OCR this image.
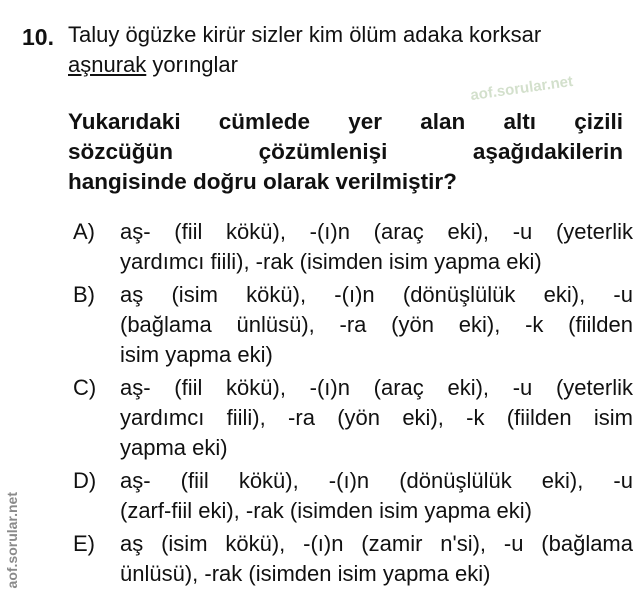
aof.sorular.net
aof.sorular.net
10. Taluy ögüzke kirür sizler kim ölüm adaka korksar
aşnurak yorınglar
Yukarıdaki cümlede yer alan altı çizili
sözcüğün çözümlenişi aşağıdakilerin
hangisinde doğru olarak verilmiştir?
A) aş- (fiil kökü), -(ı)n (araç eki), -u (yeterlik
yardımcı fiili), -rak (isimden isim yapma eki)
B) aş (isim kökü), -(ı)n (dönüşlülük eki), -u
(bağlama ünlüsü), -ra (yön eki), -k (fiilden
isim yapma eki)
C) aş- (fiil kökü), -(ı)n (araç eki), -u (yeterlik
yardımcı fiili), -ra (yön eki), -k (fiilden isim
yapma eki)
D) aş- (fiil kökü), -(ı)n (dönüşlülük eki), -u
(zarf-fiil eki), -rak (isimden isim yapma eki)
E) aş (isim kökü), -(ı)n (zamir n'si), -u (bağlama
ünlüsü), -rak (isimden isim yapma eki)
